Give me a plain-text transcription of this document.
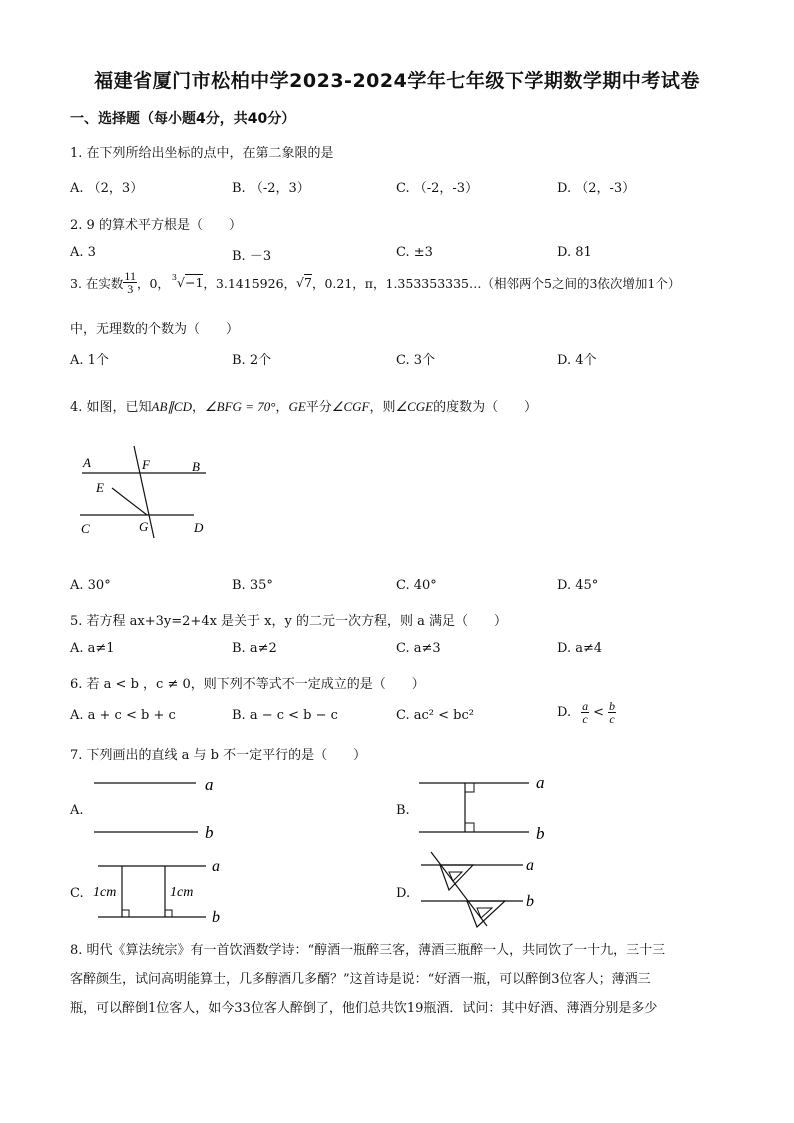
福建省厦门市松柏中学2023-2024学年七年级下学期数学期中考试卷
一、选择题（每小题4分，共40分）
1. 在下列所给出坐标的点中，在第二象限的是
A. （2，3）	B. （-2，3）	C. （-2，-3）	D. （2，-3）
2. 9 的算术平方根是（　　）
A. 3	B. －3	C. ±3	D. 81
3. 在实数 $\frac{11}{3}$ ，0， $^3$√−1 ，3.1415926， √7 ，0.21，π，1.353353335…（相邻两个5之间的3依次增加1个）
中，无理数的个数为（　　）
A. 1个	B. 2个	C. 3个	D. 4个
4. 如图，已知AB∥CD，∠BFG = 70°，GE平分∠CGF，则∠CGE的度数为（　　）
A	F	B
E
C	G	D
A. 30°	B. 35°	C. 40°	D. 45°
5. 若方程 ax+3y=2+4x 是关于 x，y 的二元一次方程，则 a 满足（　　）
A. a≠1	B. a≠2	C. a≠3	D. a≠4
6. 若 a < b ，c ≠ 0，则下列不等式不一定成立的是（　　）
A. a + c < b + c	B. a − c < b − c	C. ac² < bc²	D. $\frac{a}{c} < \frac{b}{c}$
7. 下列画出的直线 a 与 b 不一定平行的是（　　）
A.
a
b
B.
a
b
C. 1cm	1cm
a
b
D.
a
b
8. 明代《算法统宗》有一首饮酒数学诗：“醇酒一瓶醉三客，薄酒三瓶醉一人，共同饮了一十九，三十三
客醉颜生，试问高明能算士，几多醇酒几多醑？”这首诗是说：“好酒一瓶，可以醉倒3位客人；薄酒三
瓶，可以醉倒1位客人，如今33位客人醉倒了，他们总共饮19瓶酒．试问：其中好酒、薄酒分别是多少
